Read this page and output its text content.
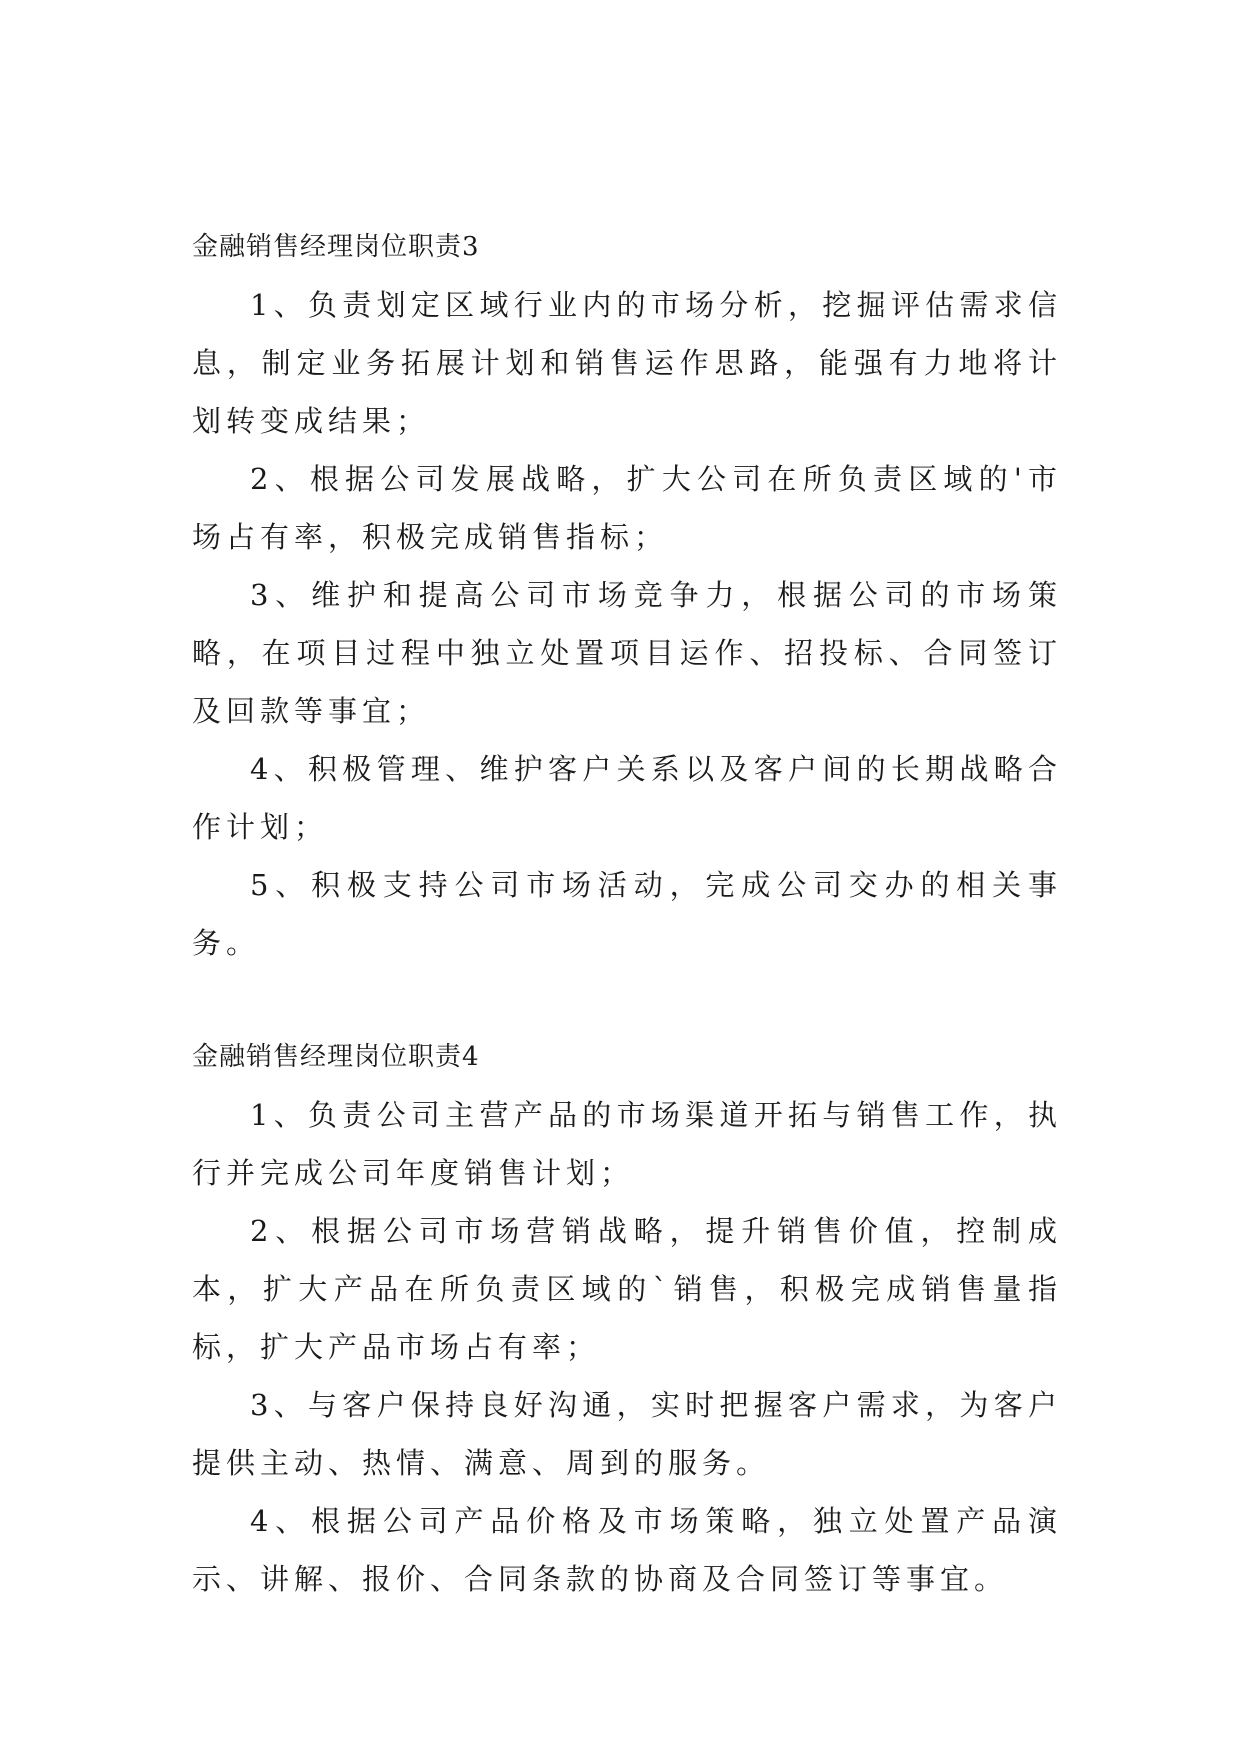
金融销售经理岗位职责3

1、负责划定区域行业内的市场分析，挖掘评估需求信息，制定业务拓展计划和销售运作思路，能强有力地将计划转变成结果；

2、根据公司发展战略，扩大公司在所负责区域的'市场占有率，积极完成销售指标；

3、维护和提高公司市场竞争力，根据公司的市场策略，在项目过程中独立处置项目运作、招投标、合同签订及回款等事宜；

4、积极管理、维护客户关系以及客户间的长期战略合作计划；

5、积极支持公司市场活动，完成公司交办的相关事务。

金融销售经理岗位职责4

1、负责公司主营产品的市场渠道开拓与销售工作，执行并完成公司年度销售计划；

2、根据公司市场营销战略，提升销售价值，控制成本，扩大产品在所负责区域的`销售，积极完成销售量指标，扩大产品市场占有率；

3、与客户保持良好沟通，实时把握客户需求，为客户提供主动、热情、满意、周到的服务。

4、根据公司产品价格及市场策略，独立处置产品演示、讲解、报价、合同条款的协商及合同签订等事宜。
